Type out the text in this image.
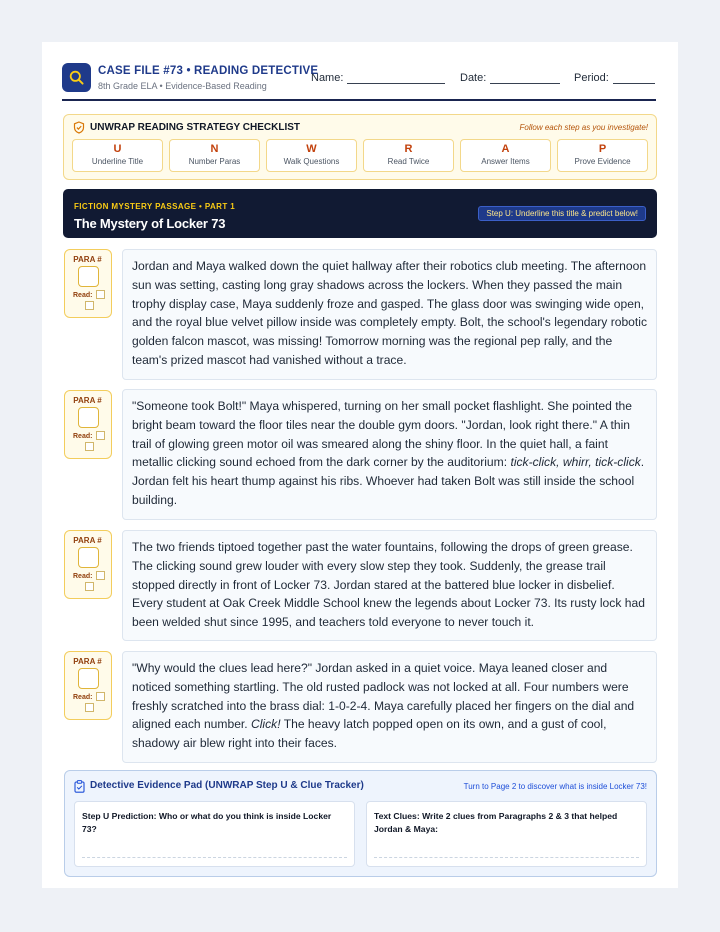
CASE FILE #73 • READING DETECTIVE
8th Grade ELA • Evidence-Based Reading
Name:	Date:	Period:
UNWRAP READING STRATEGY CHECKLIST	Follow each step as you investigate!
U
Underline Title
N
Number Paras
W
Walk Questions
R
Read Twice
A
Answer Items
P
Prove Evidence
FICTION MYSTERY PASSAGE • PART 1
The Mystery of Locker 73
Step U: Underline this title & predict below!
PARA #
Read:
Jordan and Maya walked down the quiet hallway after their robotics club meeting. The afternoon sun was setting, casting long gray shadows across the lockers. When they passed the main trophy display case, Maya suddenly froze and gasped. The glass door was swinging wide open, and the royal blue velvet pillow inside was completely empty. Bolt, the school's legendary robotic golden falcon mascot, was missing! Tomorrow morning was the regional pep rally, and the team's prized mascot had vanished without a trace.
PARA #
Read:
"Someone took Bolt!" Maya whispered, turning on her small pocket flashlight. She pointed the bright beam toward the floor tiles near the double gym doors. "Jordan, look right there." A thin trail of glowing green motor oil was smeared along the shiny floor. In the quiet hall, a faint metallic clicking sound echoed from the dark corner by the auditorium: tick-click, whirr, tick-click. Jordan felt his heart thump against his ribs. Whoever had taken Bolt was still inside the school building.
PARA #
Read:
The two friends tiptoed together past the water fountains, following the drops of green grease. The clicking sound grew louder with every slow step they took. Suddenly, the grease trail stopped directly in front of Locker 73. Jordan stared at the battered blue locker in disbelief. Every student at Oak Creek Middle School knew the legends about Locker 73. Its rusty lock had been welded shut since 1995, and teachers told everyone to never touch it.
PARA #
Read:
"Why would the clues lead here?" Jordan asked in a quiet voice. Maya leaned closer and noticed something startling. The old rusted padlock was not locked at all. Four numbers were freshly scratched into the brass dial: 1-0-2-4. Maya carefully placed her fingers on the dial and aligned each number. Click! The heavy latch popped open on its own, and a gust of cool, shadowy air blew right into their faces.
Detective Evidence Pad (UNWRAP Step U & Clue Tracker)	Turn to Page 2 to discover what is inside Locker 73!
Step U Prediction: Who or what do you think is inside Locker 73?
Text Clues: Write 2 clues from Paragraphs 2 & 3 that helped Jordan & Maya:
